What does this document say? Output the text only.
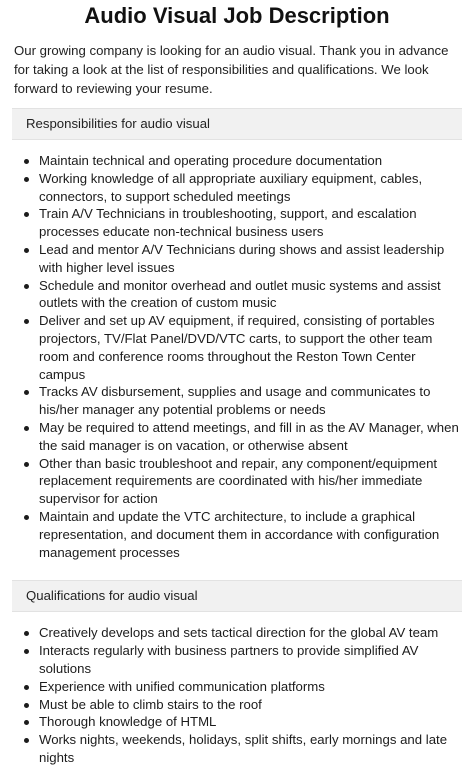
Audio Visual Job Description

Our growing company is looking for an audio visual. Thank you in advance for taking a look at the list of responsibilities and qualifications. We look forward to reviewing your resume.

Responsibilities for audio visual
Maintain technical and operating procedure documentation
Working knowledge of all appropriate auxiliary equipment, cables, connectors, to support scheduled meetings
Train A/V Technicians in troubleshooting, support, and escalation processes educate non-technical business users
Lead and mentor A/V Technicians during shows and assist leadership with higher level issues
Schedule and monitor overhead and outlet music systems and assist outlets with the creation of custom music
Deliver and set up AV equipment, if required, consisting of portables projectors, TV/Flat Panel/DVD/VTC carts, to support the other team room and conference rooms throughout the Reston Town Center campus
Tracks AV disbursement, supplies and usage and communicates to his/her manager any potential problems or needs
May be required to attend meetings, and fill in as the AV Manager, when the said manager is on vacation, or otherwise absent
Other than basic troubleshoot and repair, any component/equipment replacement requirements are coordinated with his/her immediate supervisor for action
Maintain and update the VTC architecture, to include a graphical representation, and document them in accordance with configuration management processes
Qualifications for audio visual
Creatively develops and sets tactical direction for the global AV team
Interacts regularly with business partners to provide simplified AV solutions
Experience with unified communication platforms
Must be able to climb stairs to the roof
Thorough knowledge of HTML
Works nights, weekends, holidays, split shifts, early mornings and late nights
